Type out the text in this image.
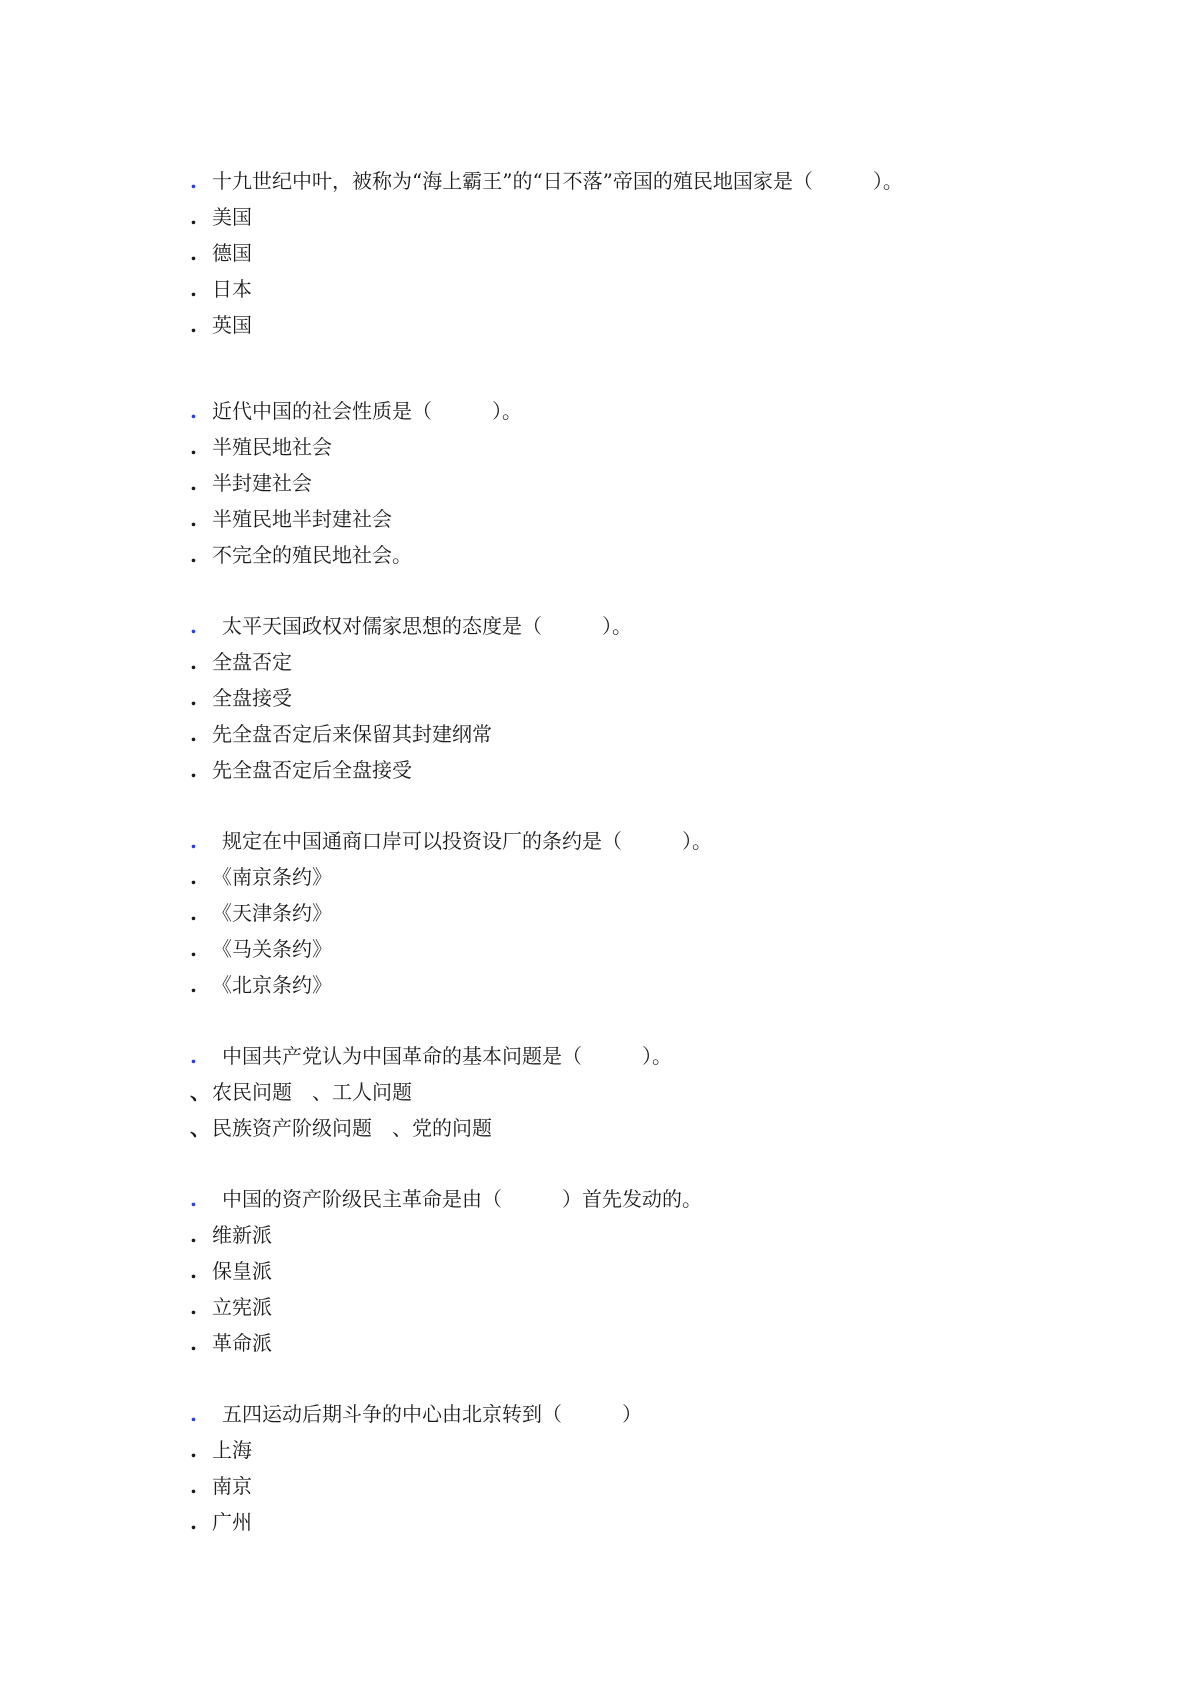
. 十九世纪中叶，被称为“海上霸王”的“日不落”帝国的殖民地国家是（　　　）。
. 美国
. 德国
. 日本
. 英国
. 近代中国的社会性质是（　　　）。
. 半殖民地社会
. 半封建社会
. 半殖民地半封建社会
. 不完全的殖民地社会。
. 太平天国政权对儒家思想的态度是（　　　）。
. 全盘否定
. 全盘接受
. 先全盘否定后来保留其封建纲常
. 先全盘否定后全盘接受
. 规定在中国通商口岸可以投资设厂的条约是（　　　）。
. 《南京条约》
. 《天津条约》
. 《马关条约》
. 《北京条约》
. 中国共产党认为中国革命的基本问题是（　　　）。
、 农民问题 、工人问题
、 民族资产阶级问题 、党的问题
. 中国的资产阶级民主革命是由（　　　）首先发动的。
. 维新派
. 保皇派
. 立宪派
. 革命派
. 五四运动后期斗争的中心由北京转到（　　　）
. 上海
. 南京
. 广州
